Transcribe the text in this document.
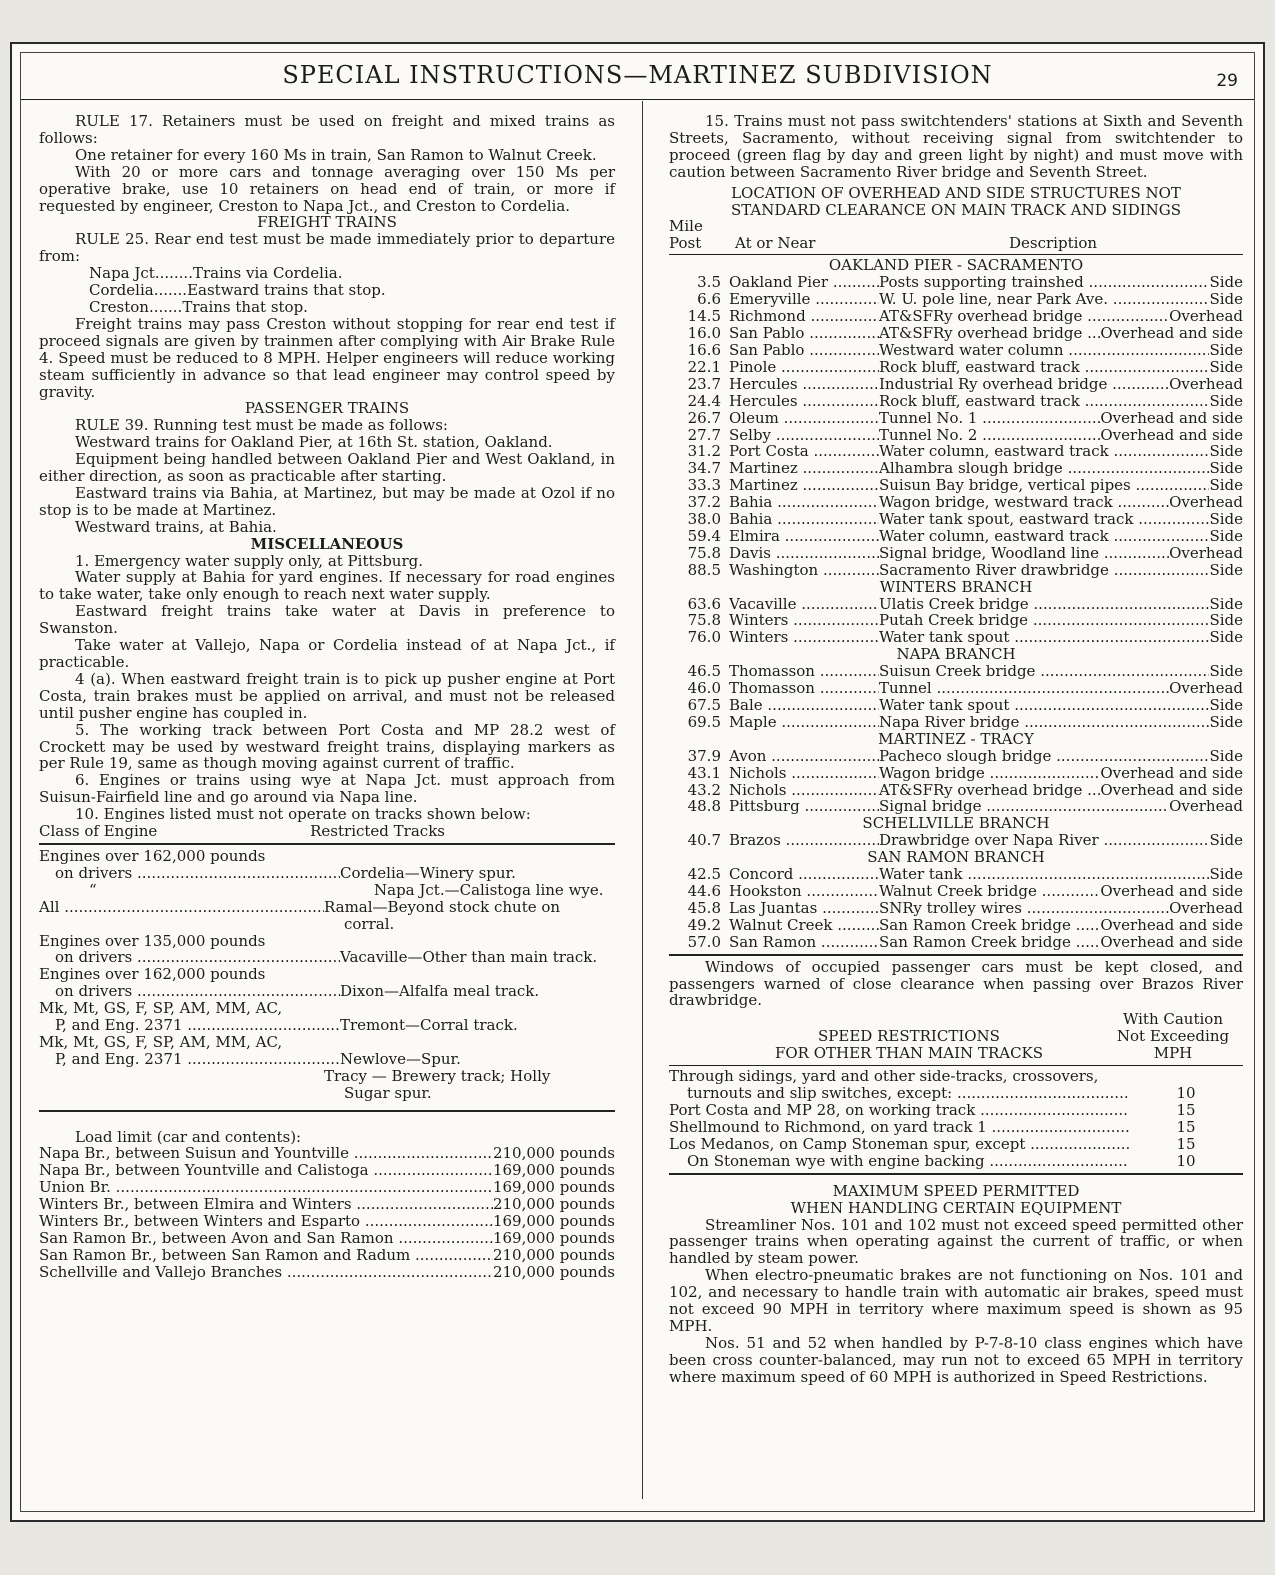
SPECIAL INSTRUCTIONS—MARTINEZ SUBDIVISION	29

RULE 17. Retainers must be used on freight and mixed trains as follows:

One retainer for every 160 Ms in train, San Ramon to Walnut Creek.

With 20 or more cars and tonnage averaging over 150 Ms per operative brake, use 10 retainers on head end of train, or more if requested by engineer, Creston to Napa Jct., and Creston to Cordelia.

FREIGHT TRAINS

RULE 25. Rear end test must be made immediately prior to departure from:

Napa Jct. ....... Trains via Cordelia.
Cordelia ....... Eastward trains that stop.
Creston ....... Trains that stop.

Freight trains may pass Creston without stopping for rear end test if proceed signals are given by trainmen after complying with Air Brake Rule 4. Speed must be reduced to 8 MPH. Helper engineers will reduce working steam sufficiently in advance so that lead engineer may control speed by gravity.

PASSENGER TRAINS

RULE 39. Running test must be made as follows:

Westward trains for Oakland Pier, at 16th St. station, Oakland.

Equipment being handled between Oakland Pier and West Oakland, in either direction, as soon as practicable after starting.

Eastward trains via Bahia, at Martinez, but may be made at Ozol if no stop is to be made at Martinez.

Westward trains, at Bahia.

MISCELLANEOUS

1. Emergency water supply only, at Pittsburg.

Water supply at Bahia for yard engines. If necessary for road engines to take water, take only enough to reach next water supply.

Eastward freight trains take water at Davis in preference to Swanston.

Take water at Vallejo, Napa or Cordelia instead of at Napa Jct., if practicable.

4 (a). When eastward freight train is to pick up pusher engine at Port Costa, train brakes must be applied on arrival, and must not be released until pusher engine has coupled in.

5. The working track between Port Costa and MP 28.2 west of Crockett may be used by westward freight trains, displaying markers as per Rule 19, same as though moving against current of traffic.

6. Engines or trains using wye at Napa Jct. must approach from Suisun-Fairfield line and go around via Napa line.

10. Engines listed must not operate on tracks shown below:

Class of Engine	Restricted Tracks
Engines over 162,000 pounds
on drivers .....	Cordelia—Winery spur.
“	Napa Jct.—Calistoga line wye.
All .....	Ramal—Beyond stock chute on
corral.
Engines over 135,000 pounds
on drivers .....	Vacaville—Other than main track.
Engines over 162,000 pounds
on drivers .....	Dixon—Alfalfa meal track.
Mk, Mt, GS, F, SP, AM, MM, AC,
P, and Eng. 2371 .....	Tremont—Corral track.
Mk, Mt, GS, F, SP, AM, MM, AC,
P, and Eng. 2371 .....	Newlove—Spur.
Tracy — Brewery track; Holly
Sugar spur.

Load limit (car and contents):

Napa Br., between Suisun and Yountville .....	210,000 pounds
Napa Br., between Yountville and Calistoga .....	169,000 pounds
Union Br. .....	169,000 pounds
Winters Br., between Elmira and Winters .....	210,000 pounds
Winters Br., between Winters and Esparto .....	169,000 pounds
San Ramon Br., between Avon and San Ramon .....	169,000 pounds
San Ramon Br., between San Ramon and Radum .....	210,000 pounds
Schellville and Vallejo Branches .....	210,000 pounds

15. Trains must not pass switchtenders' stations at Sixth and Seventh Streets, Sacramento, without receiving signal from switchtender to proceed (green flag by day and green light by night) and must move with caution between Sacramento River bridge and Seventh Street.

LOCATION OF OVERHEAD AND SIDE STRUCTURES NOT

STANDARD CLEARANCE ON MAIN TRACK AND SIDINGS

Mile
Post At or Near	Description

OAKLAND PIER - SACRAMENTO

3.5 Oakland Pier .....	Posts supporting trainshed .....	Side
6.6 Emeryville .....	W. U. pole line, near Park Ave. .....	Side
14.5 Richmond .....	AT&SFRy overhead bridge .....	Overhead
16.0 San Pablo .....	AT&SFRy overhead bridge .....	Overhead and side
16.6 San Pablo .....	Westward water column .....	Side
22.1 Pinole .....	Rock bluff, eastward track .....	Side
23.7 Hercules .....	Industrial Ry overhead bridge .....	Overhead
24.4 Hercules .....	Rock bluff, eastward track .....	Side
26.7 Oleum .....	Tunnel No. 1 .....	Overhead and side
27.7 Selby .....	Tunnel No. 2 .....	Overhead and side
31.2 Port Costa .....	Water column, eastward track .....	Side
34.7 Martinez .....	Alhambra slough bridge .....	Side
33.3 Martinez .....	Suisun Bay bridge, vertical pipes .....	Side
37.2 Bahia .....	Wagon bridge, westward track .....	Overhead
38.0 Bahia .....	Water tank spout, eastward track .....	Side
59.4 Elmira .....	Water column, eastward track .....	Side
75.8 Davis .....	Signal bridge, Woodland line .....	Overhead
88.5 Washington .....	Sacramento River drawbridge .....	Side

WINTERS BRANCH

63.6 Vacaville .....	Ulatis Creek bridge .....	Side
75.8 Winters .....	Putah Creek bridge .....	Side
76.0 Winters .....	Water tank spout .....	Side

NAPA BRANCH

46.5 Thomasson .....	Suisun Creek bridge .....	Side
46.0 Thomasson .....	Tunnel .....	Overhead
67.5 Bale .....	Water tank spout .....	Side
69.5 Maple .....	Napa River bridge .....	Side

MARTINEZ - TRACY

37.9 Avon .....	Pacheco slough bridge .....	Side
43.1 Nichols .....	Wagon bridge .....	Overhead and side
43.2 Nichols .....	AT&SFRy overhead bridge .....	Overhead and side
48.8 Pittsburg .....	Signal bridge .....	Overhead

SCHELLVILLE BRANCH

40.7 Brazos .....	Drawbridge over Napa River .....	Side

SAN RAMON BRANCH

42.5 Concord .....	Water tank .....	Side
44.6 Hookston .....	Walnut Creek bridge .....	Overhead and side
45.8 Las Juantas .....	SNRy trolley wires .....	Overhead
49.2 Walnut Creek .....	San Ramon Creek bridge .....	Overhead and side
57.0 San Ramon .....	San Ramon Creek bridge .....	Overhead and side

Windows of occupied passenger cars must be kept closed, and passengers warned of close clearance when passing over Brazos River drawbridge.

SPEED RESTRICTIONS
FOR OTHER THAN MAIN TRACKS
With Caution
Not Exceeding
MPH
Through sidings, yard and other side-tracks, crossovers,
turnouts and slip switches, except: .....	10
Port Costa and MP 28, on working track .....	15
Shellmound to Richmond, on yard track 1 .....	15
Los Medanos, on Camp Stoneman spur, except .....	15
On Stoneman wye with engine backing .....	10

MAXIMUM SPEED PERMITTED

WHEN HANDLING CERTAIN EQUIPMENT

Streamliner Nos. 101 and 102 must not exceed speed permitted other passenger trains when operating against the current of traffic, or when handled by steam power.

When electro-pneumatic brakes are not functioning on Nos. 101 and 102, and necessary to handle train with automatic air brakes, speed must not exceed 90 MPH in territory where maximum speed is shown as 95 MPH.

Nos. 51 and 52 when handled by P-7-8-10 class engines which have been cross counter-balanced, may run not to exceed 65 MPH in territory where maximum speed of 60 MPH is authorized in Speed Restrictions.
